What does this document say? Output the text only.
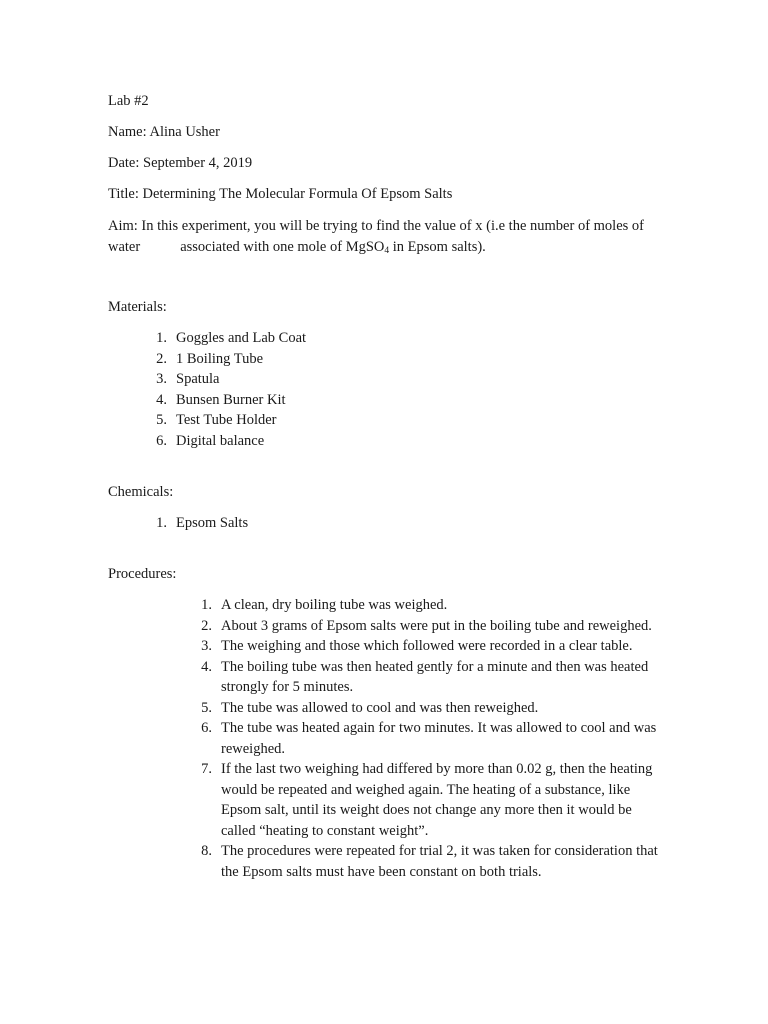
Lab #2
Name: Alina Usher
Date: September 4, 2019
Title: Determining The Molecular Formula Of Epsom Salts
Aim: In this experiment, you will be trying to find the value of x (i.e the number of moles of water	associated with one mole of MgSO$_4$ in Epsom salts).
Materials:
1. Goggles and Lab Coat
2. 1 Boiling Tube
3. Spatula
4. Bunsen Burner Kit
5. Test Tube Holder
6. Digital balance
Chemicals:
1. Epsom Salts
Procedures:
1. A clean, dry boiling tube was weighed.
2. About 3 grams of Epsom salts were put in the boiling tube and reweighed.
3. The weighing and those which followed were recorded in a clear table.
4. The boiling tube was then heated gently for a minute and then was heated strongly for 5 minutes.
5. The tube was allowed to cool and was then reweighed.
6. The tube was heated again for two minutes. It was allowed to cool and was reweighed.
7. If the last two weighing had differed by more than 0.02 g, then the heating would be repeated and weighed again. The heating of a substance, like Epsom salt, until its weight does not change any more then it would be called “heating to constant weight”.
8. The procedures were repeated for trial 2, it was taken for consideration that the Epsom salts must have been constant on both trials.
